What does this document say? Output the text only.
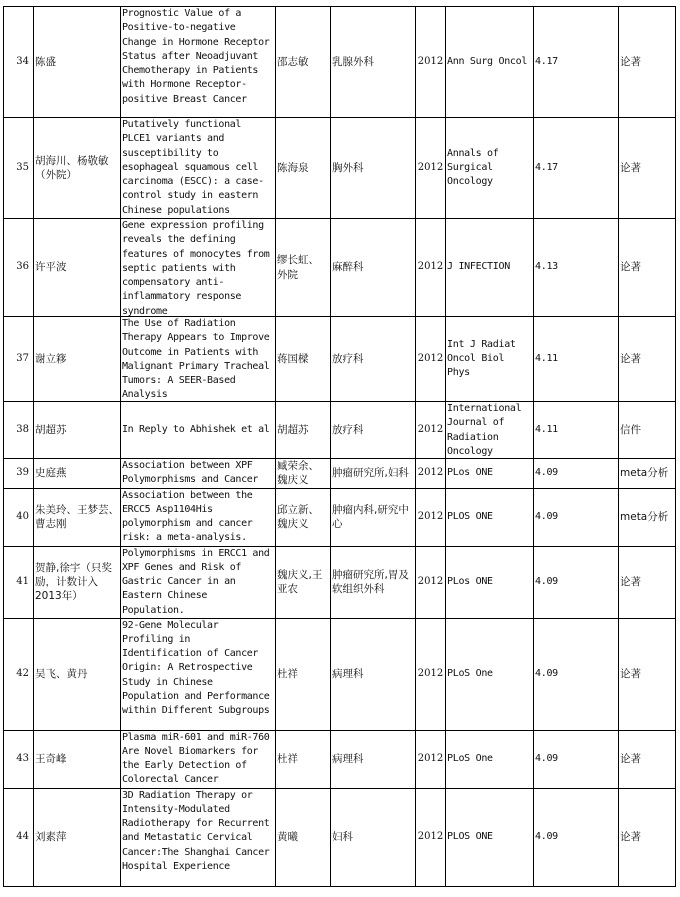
34	陈盛	Prognostic Value of a Positive-to-negative Change in Hormone Receptor Status after Neoadjuvant Chemotherapy in Patients with Hormone Receptor-positive Breast Cancer	邵志敏	乳腺外科	2012	Ann Surg Oncol	4.17	论著
35	胡海川、杨敬敏（外院）	Putatively functional PLCE1 variants and susceptibility to esophageal squamous cell carcinoma (ESCC): a case-control study in eastern Chinese populations	陈海泉	胸外科	2012	Annals of Surgical Oncology	4.17	论著
36	许平波	Gene expression profiling reveals the defining features of monocytes from septic patients with compensatory anti-inflammatory response syndrome	缪长虹、外院	麻醉科	2012	J INFECTION	4.13	论著
37	谢立簃	The Use of Radiation Therapy Appears to Improve Outcome in Patients with Malignant Primary Tracheal Tumors: A SEER-Based Analysis	蒋国樑	放疗科	2012	Int J Radiat Oncol Biol Phys	4.11	论著
38	胡超苏	In Reply to Abhishek et al	胡超苏	放疗科	2012	International Journal of Radiation Oncology	4.11	信件
39	史庭燕	Association between XPF Polymorphisms and Cancer	臧荣余、魏庆义	肿瘤研究所,妇科	2012	PLos ONE	4.09	meta分析
40	朱美玲、王梦芸、曹志刚	Association between the ERCC5 Asp1104His polymorphism and cancer risk: a meta-analysis.	邱立新、魏庆义	肿瘤内科,研究中心	2012	PLOS ONE	4.09	meta分析
41	贺静,徐宇（只奖励，计数计入2013年）	Polymorphisms in ERCC1 and XPF Genes and Risk of Gastric Cancer in an Eastern Chinese Population.	魏庆义,王亚农	肿瘤研究所,胃及软组织外科	2012	PLos ONE	4.09	论著
42	吴飞、黄丹	92-Gene Molecular Profiling in Identification of Cancer Origin: A Retrospective Study in Chinese Population and Performance within Different Subgroups	杜祥	病理科	2012	PLoS One	4.09	论著
43	王奇峰	Plasma miR-601 and miR-760 Are Novel Biomarkers for the Early Detection of Colorectal Cancer	杜祥	病理科	2012	PLoS One	4.09	论著
44	刘素萍	3D Radiation Therapy or Intensity-Modulated Radiotherapy for Recurrent and Metastatic Cervical Cancer:The Shanghai Cancer Hospital Experience	黄曦	妇科	2012	PLOS ONE	4.09	论著
